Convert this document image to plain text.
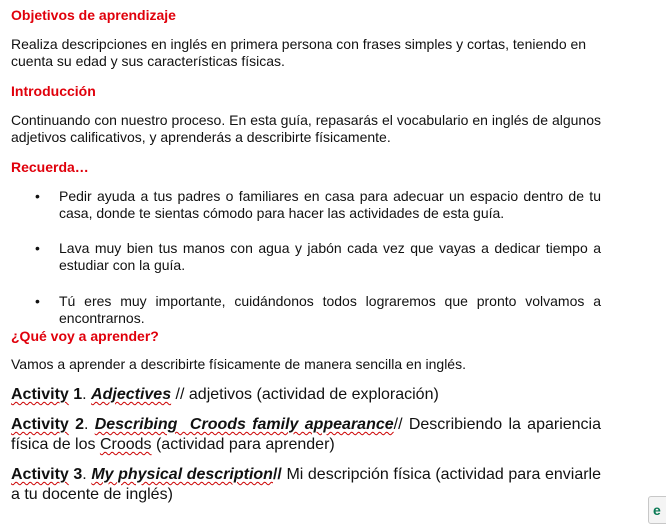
Objetivos de aprendizaje

Realiza descripciones en inglés en primera persona con frases simples y cortas, teniendo en cuenta su edad y sus características físicas.

Introducción

Continuando con nuestro proceso. En esta guía, repasarás el vocabulario en inglés de algunos adjetivos calificativos, y aprenderás a describirte físicamente.

Recuerda…
• Pedir ayuda a tus padres o familiares en casa para adecuar un espacio dentro de tu casa, donde te sientas cómodo para hacer las actividades de esta guía.
• Lava muy bien tus manos con agua y jabón cada vez que vayas a dedicar tiempo a estudiar con la guía.
• Tú eres muy importante, cuidándonos todos lograremos que pronto volvamos a encontrarnos.
¿Qué voy a aprender?

Vamos a aprender a describirte físicamente de manera sencilla en inglés.

Activity 1. Adjectives // adjetivos (actividad de exploración)
Activity 2. Describing  Croods family appearance// Describiendo la apariencia física de los Croods (actividad para aprender)
Activity 3. My physical description// Mi descripción física (actividad para enviarle a tu docente de inglés)
e
